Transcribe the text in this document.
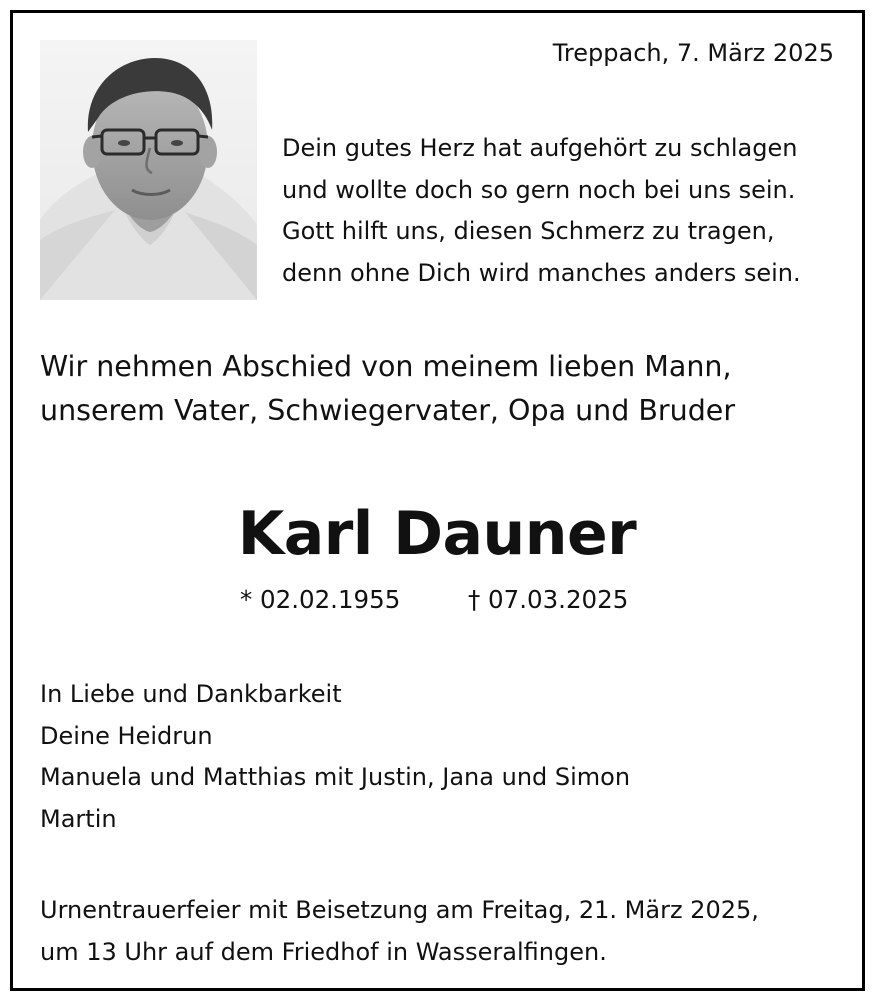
Treppach, 7. März 2025
Dein gutes Herz hat aufgehört zu schlagen
und wollte doch so gern noch bei uns sein.
Gott hilft uns, diesen Schmerz zu tragen,
denn ohne Dich wird manches anders sein.
Wir nehmen Abschied von meinem lieben Mann,
unserem Vater, Schwiegervater, Opa und Bruder
Karl Dauner
* 02.02.1955	† 07.03.2025
In Liebe und Dankbarkeit
Deine Heidrun
Manuela und Matthias mit Justin, Jana und Simon
Martin
Urnentrauerfeier mit Beisetzung am Freitag, 21. März 2025,
um 13 Uhr auf dem Friedhof in Wasseralfingen.
